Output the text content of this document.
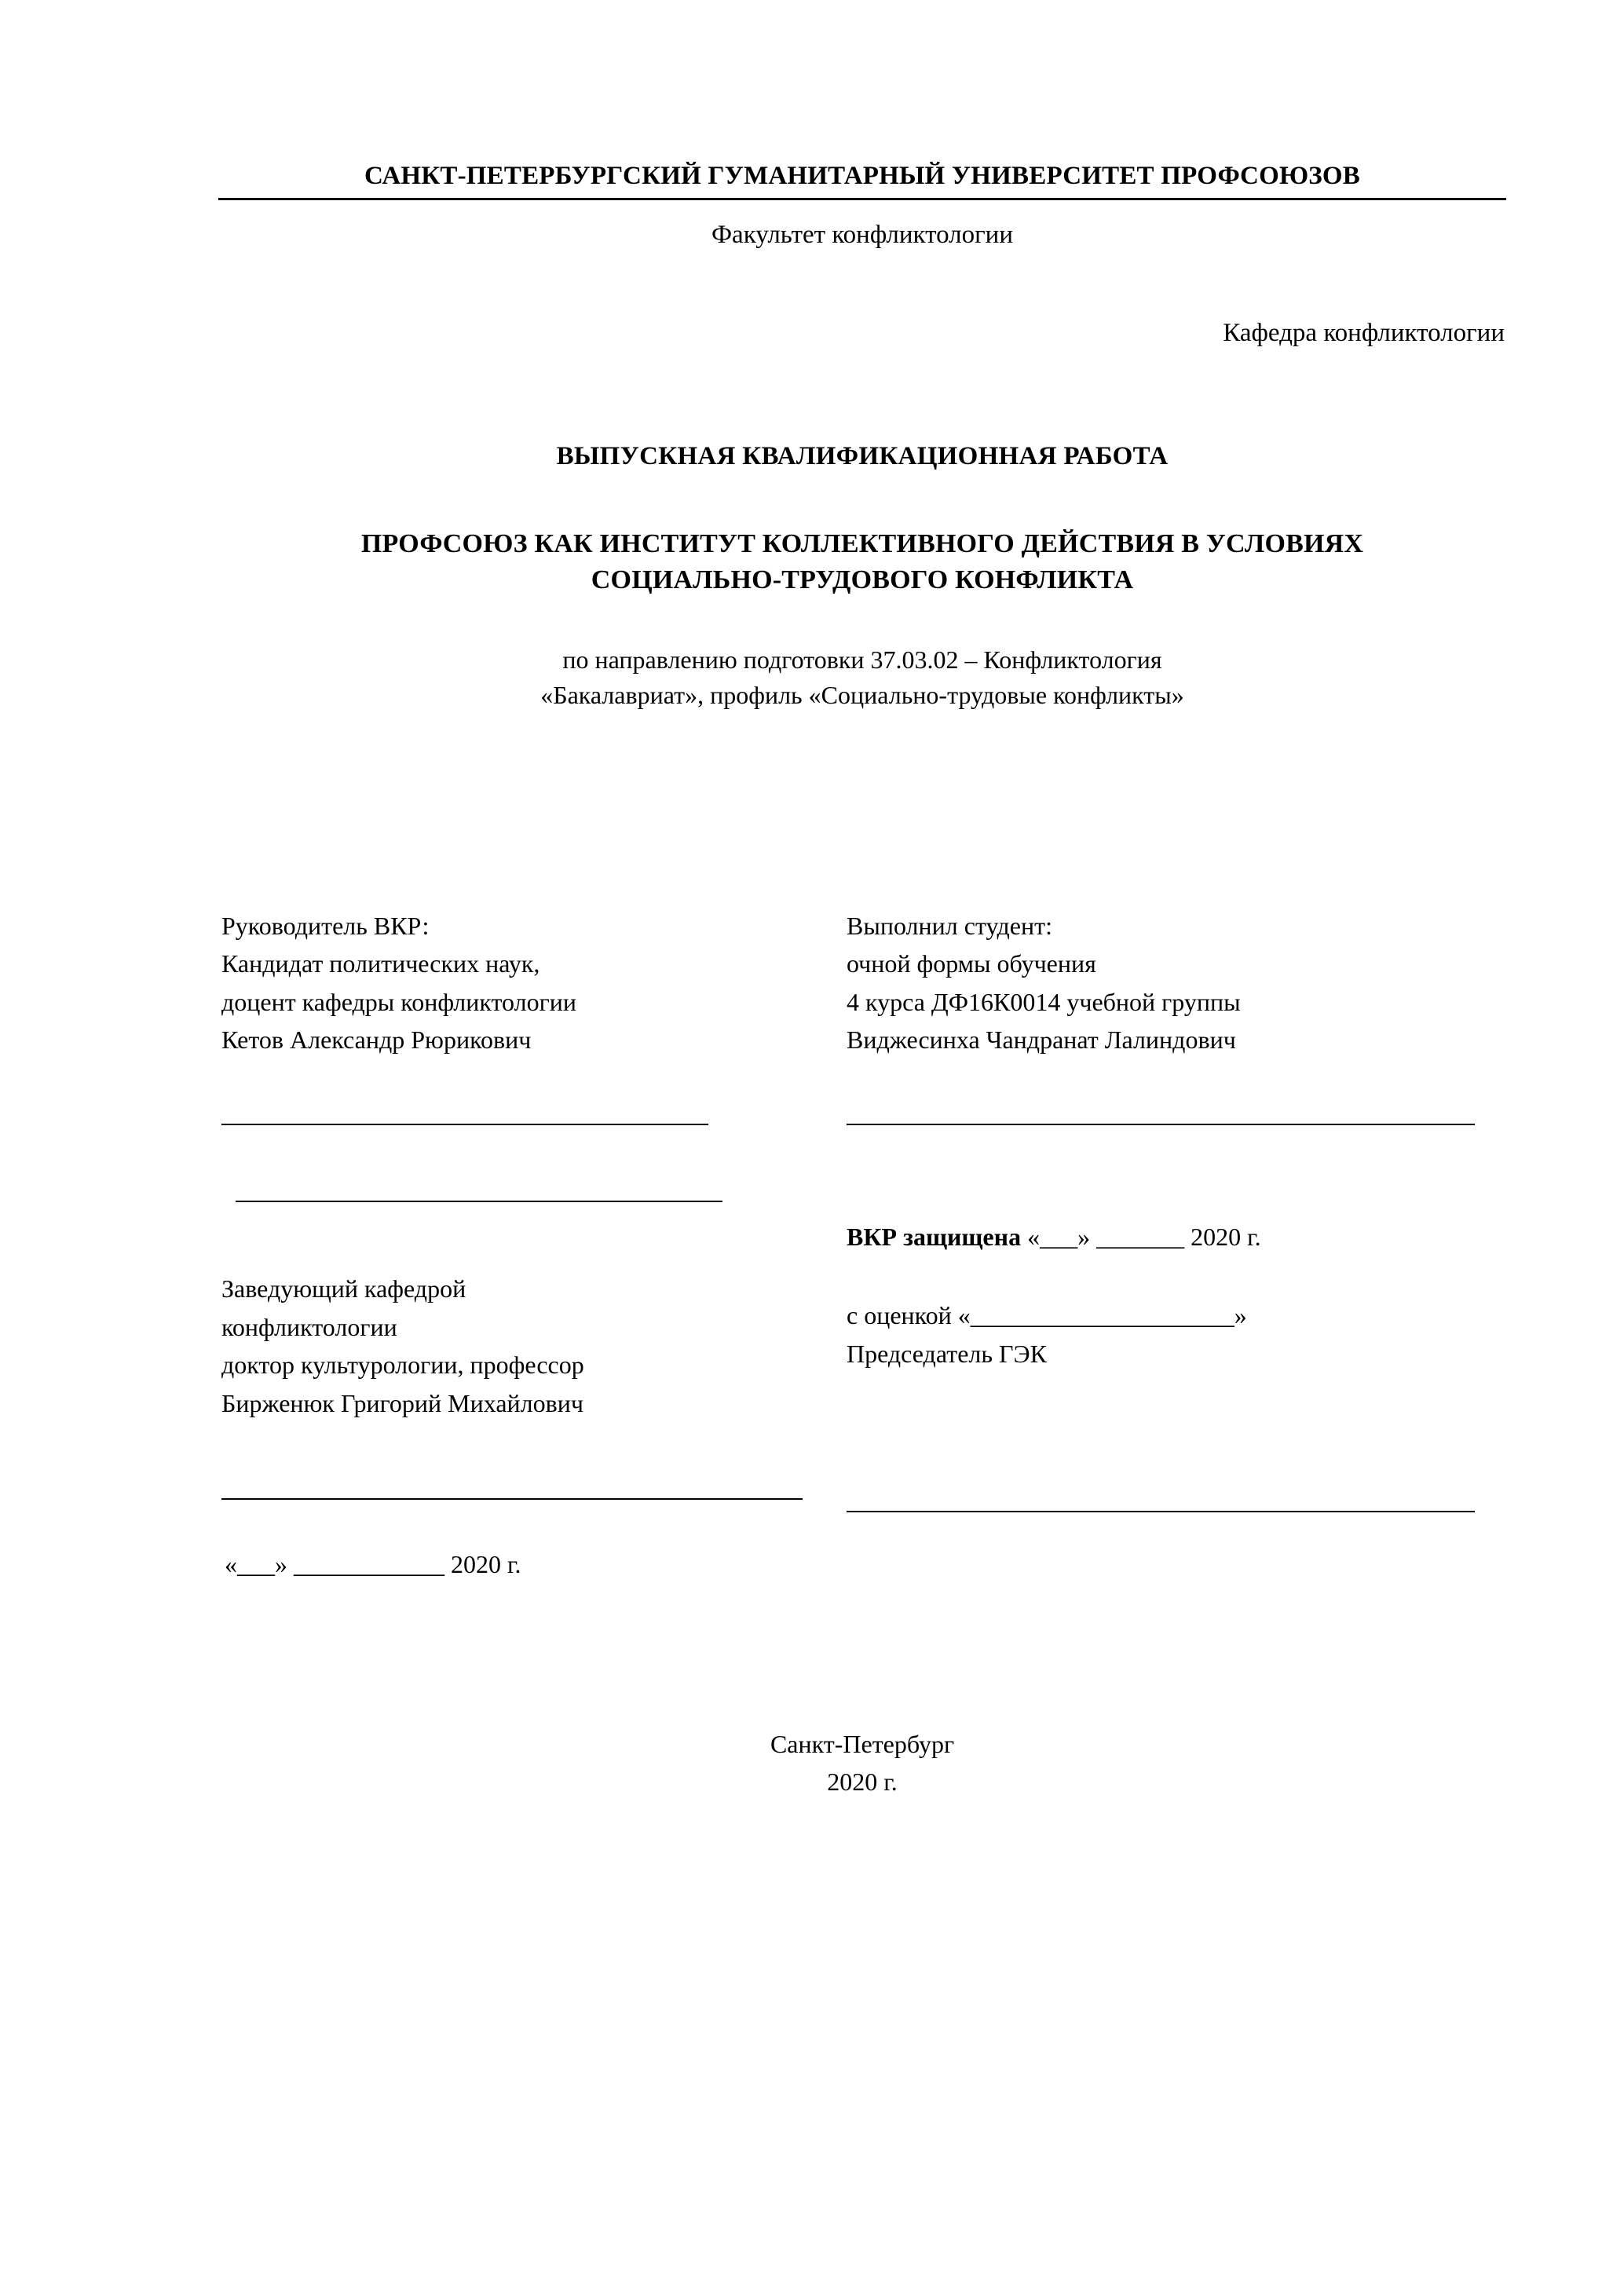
САНКТ-ПЕТЕРБУРГСКИЙ ГУМАНИТАРНЫЙ УНИВЕРСИТЕТ ПРОФСОЮЗОВ
Факультет конфликтологии
Кафедра конфликтологии
ВЫПУСКНАЯ КВАЛИФИКАЦИОННАЯ РАБОТА
ПРОФСОЮЗ КАК ИНСТИТУТ КОЛЛЕКТИВНОГО ДЕЙСТВИЯ В УСЛОВИЯХ СОЦИАЛЬНО-ТРУДОВОГО КОНФЛИКТА
по направлению подготовки 37.03.02 – Конфликтология
«Бакалавриат», профиль «Социально-трудовые конфликты»
Руководитель ВКР:
Кандидат политических наук,
доцент кафедры конфликтологии
Кетов Александр Рюрикович
Заведующий кафедрой
конфликтологии
доктор культурологии, профессор
Бирженюк Григорий Михайлович
«___» ____________ 2020 г.
Выполнил студент:
очной формы обучения
4 курса ДФ16К0014 учебной группы
Виджесинха Чандранат Лалиндович
ВКР защищена «___» _______ 2020 г.
с оценкой «_____________________»
Председатель ГЭК
Санкт-Петербург
2020 г.
